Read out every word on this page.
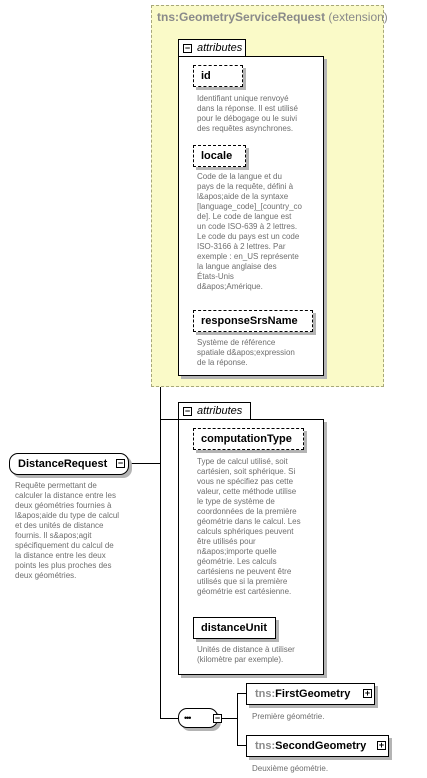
tns:GeometryServiceRequest (extension)
− attributes
id
Identifiant unique renvoyé
dans la réponse. Il est utilisé
pour le débogage ou le suivi
des requêtes asynchrones.
locale
Code de la langue et du
pays de la requête, défini à
l&apos;aide de la syntaxe
[language_code]_[country_co
de]. Le code de langue est
un code ISO-639 à 2 lettres.
Le code du pays est un code
ISO-3166 à 2 lettres. Par
exemple : en_US représente
la langue anglaise des
États-Unis
d&apos;Amérique.
responseSrsName
Système de référence
spatiale d&apos;expression
de la réponse.
− attributes
computationType
Type de calcul utilisé, soit
cartésien, soit sphérique. Si
vous ne spécifiez pas cette
valeur, cette méthode utilise
le type de système de
coordonnées de la première
géométrie dans le calcul. Les
calculs sphériques peuvent
être utilisés pour
n&apos;importe quelle
géométrie. Les calculs
cartésiens ne peuvent être
utilisés que si la première
géométrie est cartésienne.
distanceUnit
Unités de distance à utiliser
(kilomètre par exemple).
DistanceRequest −
Requête permettant de
calculer la distance entre les
deux géométries fournies à
l&apos;aide du type de calcul
et des unités de distance
fournis. Il s&apos;agit
spécifiquement du calcul de
la distance entre les deux
points les plus proches des
deux géométries.
•••	−
tns:FirstGeometry +
Première géométrie.
tns:SecondGeometry +
Deuxième géométrie.
